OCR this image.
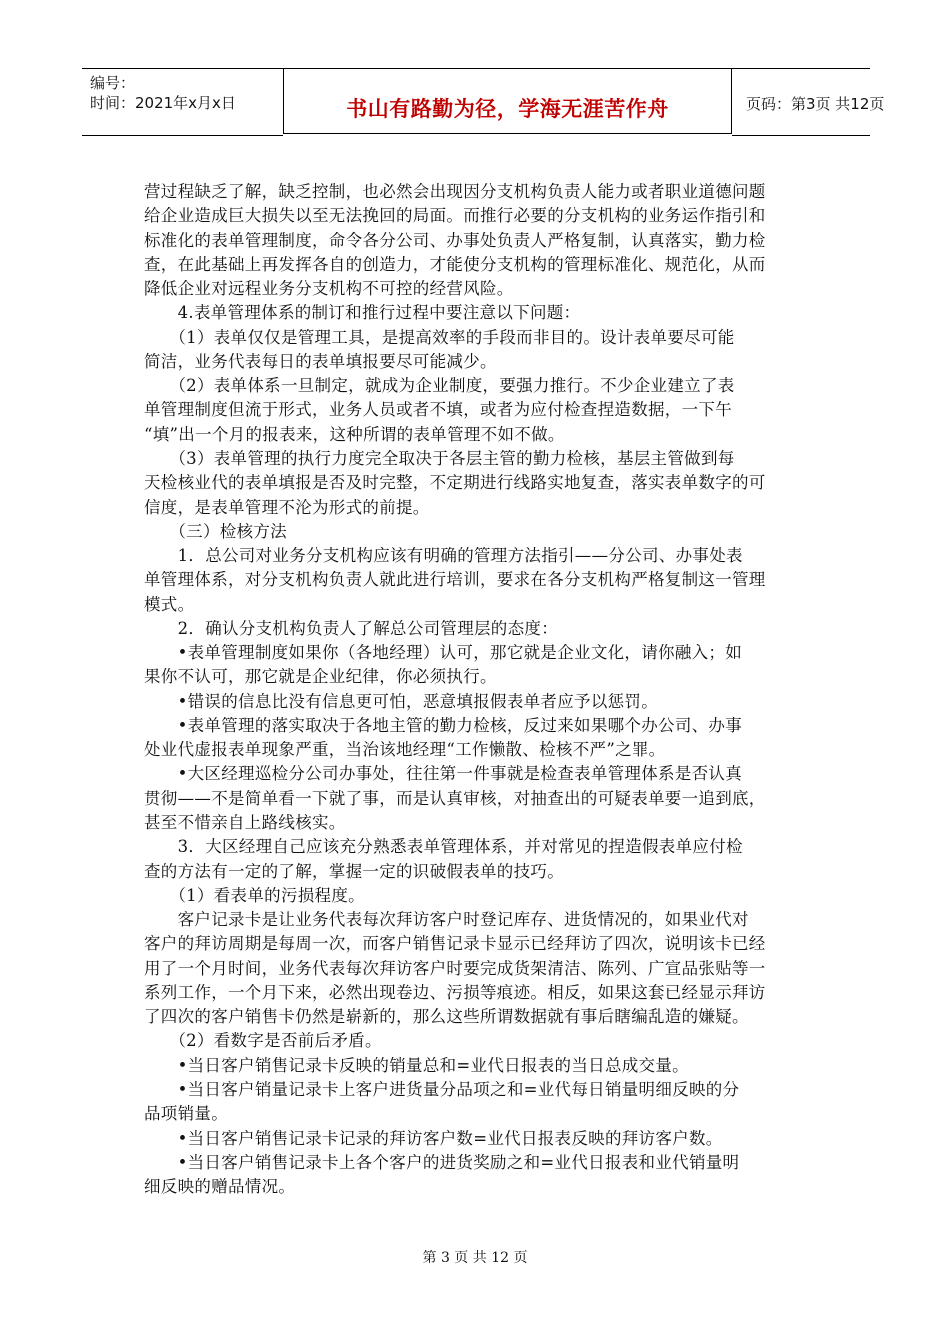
编号：
时间：2021年x月x日	书山有路勤为径，学海无涯苦作舟	页码：第3页 共12页
营过程缺乏了解，缺乏控制，也必然会出现因分支机构负责人能力或者职业道德问题
给企业造成巨大损失以至无法挽回的局面。而推行必要的分支机构的业务运作指引和
标准化的表单管理制度，命令各分公司、办事处负责人严格复制，认真落实，勤力检
查，在此基础上再发挥各自的创造力，才能使分支机构的管理标准化、规范化，从而
降低企业对远程业务分支机构不可控的经营风险。
　　4.表单管理体系的制订和推行过程中要注意以下问题：
　　（1）表单仅仅是管理工具，是提高效率的手段而非目的。设计表单要尽可能
简洁，业务代表每日的表单填报要尽可能减少。
　　（2）表单体系一旦制定，就成为企业制度，要强力推行。不少企业建立了表
单管理制度但流于形式，业务人员或者不填，或者为应付检查捏造数据，一下午
“填”出一个月的报表来，这种所谓的表单管理不如不做。
　　（3）表单管理的执行力度完全取决于各层主管的勤力检核，基层主管做到每
天检核业代的表单填报是否及时完整，不定期进行线路实地复查，落实表单数字的可
信度，是表单管理不沦为形式的前提。
　　（三）检核方法
　　1．总公司对业务分支机构应该有明确的管理方法指引——分公司、办事处表
单管理体系，对分支机构负责人就此进行培训，要求在各分支机构严格复制这一管理
模式。
　　2．确认分支机构负责人了解总公司管理层的态度：
　　•表单管理制度如果你（各地经理）认可，那它就是企业文化，请你融入；如
果你不认可，那它就是企业纪律，你必须执行。
　　•错误的信息比没有信息更可怕，恶意填报假表单者应予以惩罚。
　　•表单管理的落实取决于各地主管的勤力检核，反过来如果哪个办公司、办事
处业代虚报表单现象严重，当治该地经理“工作懒散、检核不严”之罪。
　　•大区经理巡检分公司办事处，往往第一件事就是检查表单管理体系是否认真
贯彻——不是简单看一下就了事，而是认真审核，对抽查出的可疑表单要一追到底，
甚至不惜亲自上路线核实。
　　3．大区经理自己应该充分熟悉表单管理体系，并对常见的捏造假表单应付检
查的方法有一定的了解，掌握一定的识破假表单的技巧。
　　（1）看表单的污损程度。
　　客户记录卡是让业务代表每次拜访客户时登记库存、进货情况的，如果业代对
客户的拜访周期是每周一次，而客户销售记录卡显示已经拜访了四次，说明该卡已经
用了一个月时间，业务代表每次拜访客户时要完成货架清洁、陈列、广宣品张贴等一
系列工作，一个月下来，必然出现卷边、污损等痕迹。相反，如果这套已经显示拜访
了四次的客户销售卡仍然是崭新的，那么这些所谓数据就有事后瞎编乱造的嫌疑。
　　（2）看数字是否前后矛盾。
　　•当日客户销售记录卡反映的销量总和=业代日报表的当日总成交量。
　　•当日客户销量记录卡上客户进货量分品项之和=业代每日销量明细反映的分
品项销量。
　　•当日客户销售记录卡记录的拜访客户数=业代日报表反映的拜访客户数。
　　•当日客户销售记录卡上各个客户的进货奖励之和=业代日报表和业代销量明
细反映的赠品情况。
第 3 页 共 12 页
